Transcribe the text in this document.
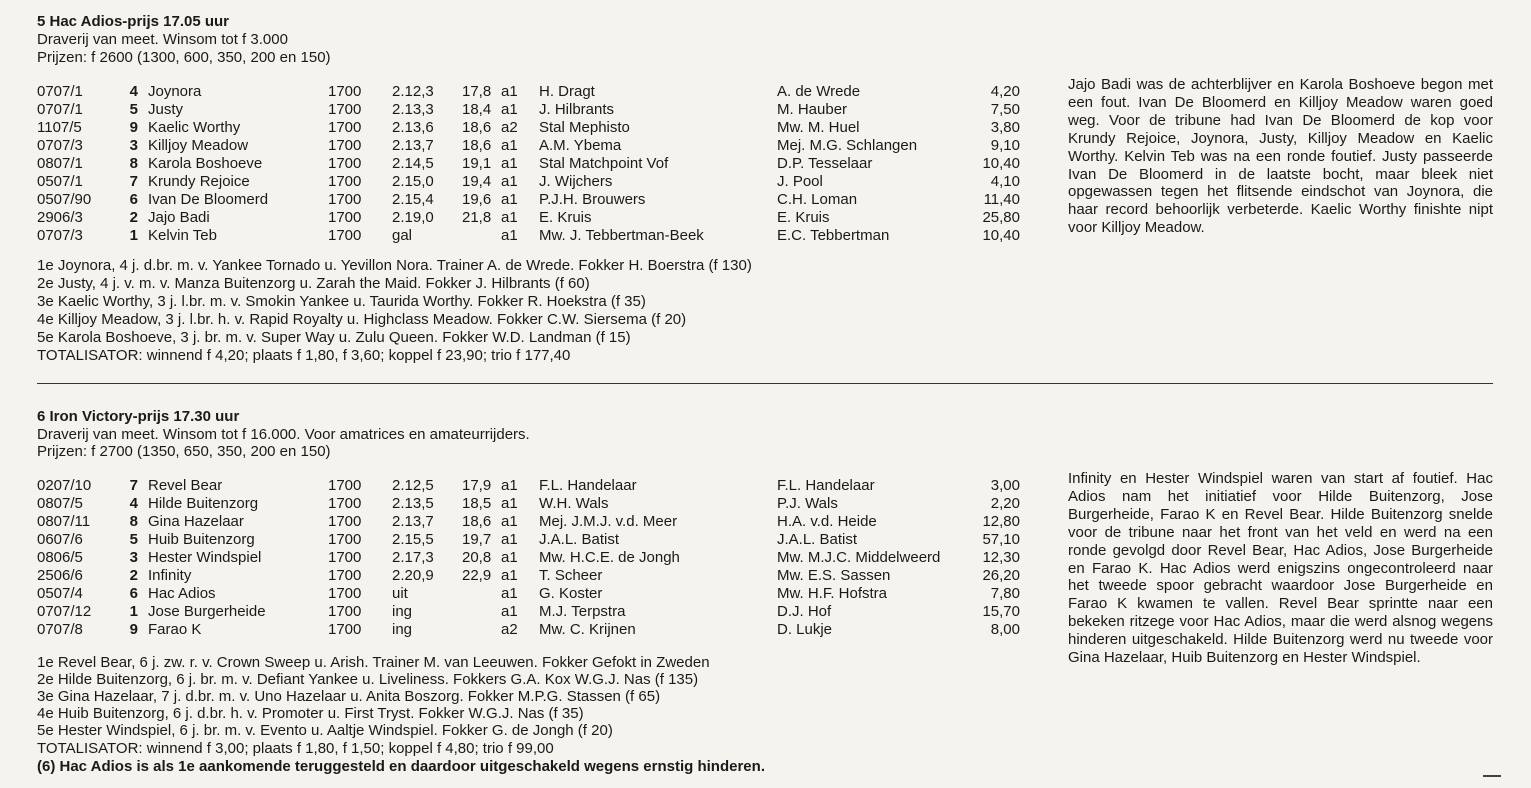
5 Hac Adios-prijs 17.05 uur
Draverij van meet. Winsom tot f 3.000
Prijzen: f 2600 (1300, 600, 350, 200 en 150)
0707/1	4 Joynora	1700 2.12,3 17,8 a1 H. Dragt	A. de Wrede	4,20
0707/1	5 Justy	1700 2.13,3 18,4 a1 J. Hilbrants	M. Hauber	7,50
1107/5	9 Kaelic Worthy	1700 2.13,6 18,6 a2 Stal Mephisto	Mw. M. Huel	3,80
0707/3	3 Killjoy Meadow	1700 2.13,7 18,6 a1 A.M. Ybema	Mej. M.G. Schlangen	9,10
0807/1	8 Karola Boshoeve	1700 2.14,5 19,1 a1 Stal Matchpoint Vof	D.P. Tesselaar	10,40
0507/1	7 Krundy Rejoice	1700 2.15,0 19,4 a1 J. Wijchers	J. Pool	4,10
0507/90	6 Ivan De Bloomerd	1700 2.15,4 19,6 a1 P.J.H. Brouwers	C.H. Loman	11,40
2906/3	2 Jajo Badi	1700 2.19,0 21,8 a1 E. Kruis	E. Kruis	25,80
0707/3	1 Kelvin Teb	1700 gal	a1 Mw. J. Tebbertman-Beek	E.C. Tebbertman	10,40

Jajo Badi was de achterblijver en Karola Boshoeve begon met een fout. Ivan De Bloomerd en Killjoy Meadow waren goed weg. Voor de tribune had Ivan De Bloomerd de kop voor Krundy Rejoice, Joynora, Justy, Killjoy Meadow en Kaelic Worthy. Kelvin Teb was na een ronde foutief. Justy passeerde Ivan De Bloomerd in de laatste bocht, maar bleek niet opgewassen tegen het flitsende eindschot van Joynora, die haar record behoorlijk verbeterde. Kaelic Worthy finishte nipt voor Killjoy Meadow.

1e Joynora, 4 j. d.br. m. v. Yankee Tornado u. Yevillon Nora. Trainer A. de Wrede. Fokker H. Boerstra (f 130)
2e Justy, 4 j. v. m. v. Manza Buitenzorg u. Zarah the Maid. Fokker J. Hilbrants (f 60)
3e Kaelic Worthy, 3 j. l.br. m. v. Smokin Yankee u. Taurida Worthy. Fokker R. Hoekstra (f 35)
4e Killjoy Meadow, 3 j. l.br. h. v. Rapid Royalty u. Highclass Meadow. Fokker C.W. Siersema (f 20)
5e Karola Boshoeve, 3 j. br. m. v. Super Way u. Zulu Queen. Fokker W.D. Landman (f 15)
TOTALISATOR: winnend f 4,20; plaats f 1,80, f 3,60; koppel f 23,90; trio f 177,40
6 Iron Victory-prijs 17.30 uur
Draverij van meet. Winsom tot f 16.000. Voor amatrices en amateurrijders.
Prijzen: f 2700 (1350, 650, 350, 200 en 150)
0207/10	7 Revel Bear	1700 2.12,5 17,9 a1 F.L. Handelaar	F.L. Handelaar	3,00
0807/5	4 Hilde Buitenzorg	1700 2.13,5 18,5 a1 W.H. Wals	P.J. Wals	2,20
0807/11	8 Gina Hazelaar	1700 2.13,7 18,6 a1 Mej. J.M.J. v.d. Meer	H.A. v.d. Heide	12,80
0607/6	5 Huib Buitenzorg	1700 2.15,5 19,7 a1 J.A.L. Batist	J.A.L. Batist	57,10
0806/5	3 Hester Windspiel	1700 2.17,3 20,8 a1 Mw. H.C.E. de Jongh	Mw. M.J.C. Middelweerd	12,30
2506/6	2 Infinity	1700 2.20,9 22,9 a1 T. Scheer	Mw. E.S. Sassen	26,20
0507/4	6 Hac Adios	1700 uit	a1 G. Koster	Mw. H.F. Hofstra	7,80
0707/12	1 Jose Burgerheide	1700 ing	a1 M.J. Terpstra	D.J. Hof	15,70
0707/8	9 Farao K	1700 ing	a2 Mw. C. Krijnen	D. Lukje	8,00

Infinity en Hester Windspiel waren van start af foutief. Hac Adios nam het initiatief voor Hilde Buitenzorg, Jose Burgerheide, Farao K en Revel Bear. Hilde Buitenzorg snelde voor de tribune naar het front van het veld en werd na een ronde gevolgd door Revel Bear, Hac Adios, Jose Burgerheide en Farao K. Hac Adios werd enigszins ongecontroleerd naar het tweede spoor gebracht waardoor Jose Burgerheide en Farao K kwamen te vallen. Revel Bear sprintte naar een bekeken ritzege voor Hac Adios, maar die werd alsnog wegens hinderen uitgeschakeld. Hilde Buitenzorg werd nu tweede voor Gina Hazelaar, Huib Buitenzorg en Hester Windspiel.

1e Revel Bear, 6 j. zw. r. v. Crown Sweep u. Arish. Trainer M. van Leeuwen. Fokker Gefokt in Zweden
2e Hilde Buitenzorg, 6 j. br. m. v. Defiant Yankee u. Liveliness. Fokkers G.A. Kox W.G.J. Nas (f 135)
3e Gina Hazelaar, 7 j. d.br. m. v. Uno Hazelaar u. Anita Boszorg. Fokker M.P.G. Stassen (f 65)
4e Huib Buitenzorg, 6 j. d.br. h. v. Promoter u. First Tryst. Fokker W.G.J. Nas (f 35)
5e Hester Windspiel, 6 j. br. m. v. Evento u. Aaltje Windspiel. Fokker G. de Jongh (f 20)
TOTALISATOR: winnend f 3,00; plaats f 1,80, f 1,50; koppel f 4,80; trio f 99,00
(6) Hac Adios is als 1e aankomende teruggesteld en daardoor uitgeschakeld wegens ernstig hinderen.
